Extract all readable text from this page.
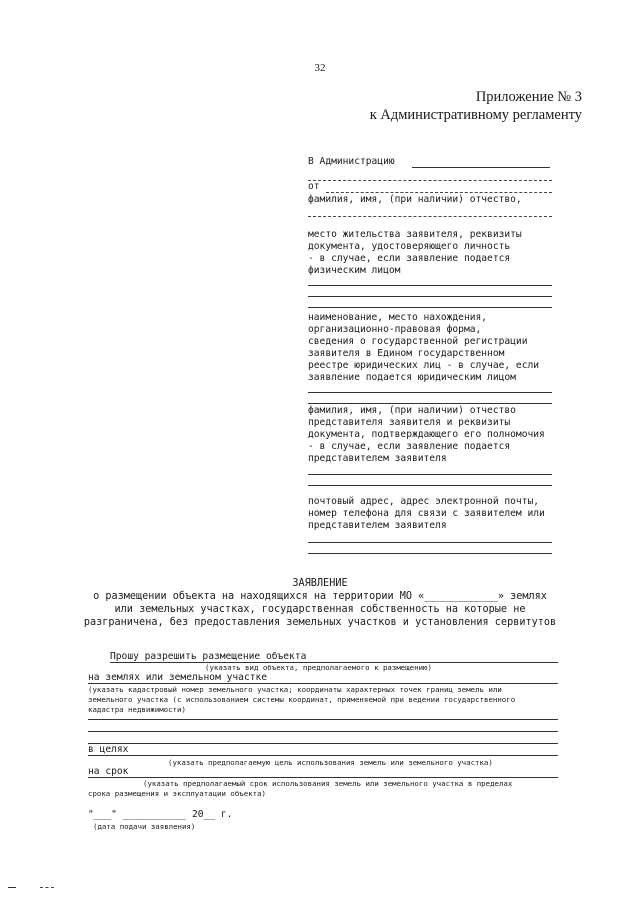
32
Приложение № 3
к Административному регламенту
В Администрацию
от
фамилия, имя, (при наличии) отчество,
место жительства заявителя, реквизиты
документа, удостоверяющего личность
- в случае, если заявление подается
физическим лицом
наименование, место нахождения,
организационно-правовая форма,
сведения о государственной регистрации
заявителя в Едином государственном
реестре юридических лиц - в случае, если
заявление подается юридическим лицом
фамилия, имя, (при наличии) отчество
представителя заявителя и реквизиты
документа, подтверждающего его полномочия
- в случае, если заявление подается
представителем заявителя
почтовый адрес, адрес электронной почты,
номер телефона для связи с заявителем или
представителем заявителя
ЗАЯВЛЕНИЕ
о размещении объекта на находящихся на территории МО «____________» землях
или земельных участках, государственная собственность на которые не
разграничена, без предоставления земельных участков и установления сервитутов
Прошу разрешить размещение объекта
(указать вид объекта, предполагаемого к размещению)
на землях или земельном участке
(указать кадастровый номер земельного участка; координаты характерных точек границ земель или
земельного участка (с использованием системы координат, применяемой при ведении государственного
кадастра недвижимости)
в целях
(указать предполагаемую цель использования земель или земельного участка)
на срок
(указать предполагаемый срок использования земель или земельного участка в пределах
срока размещения и эксплуатации объекта)
"___" ___________ 20__ г.
(дата подачи заявления)
